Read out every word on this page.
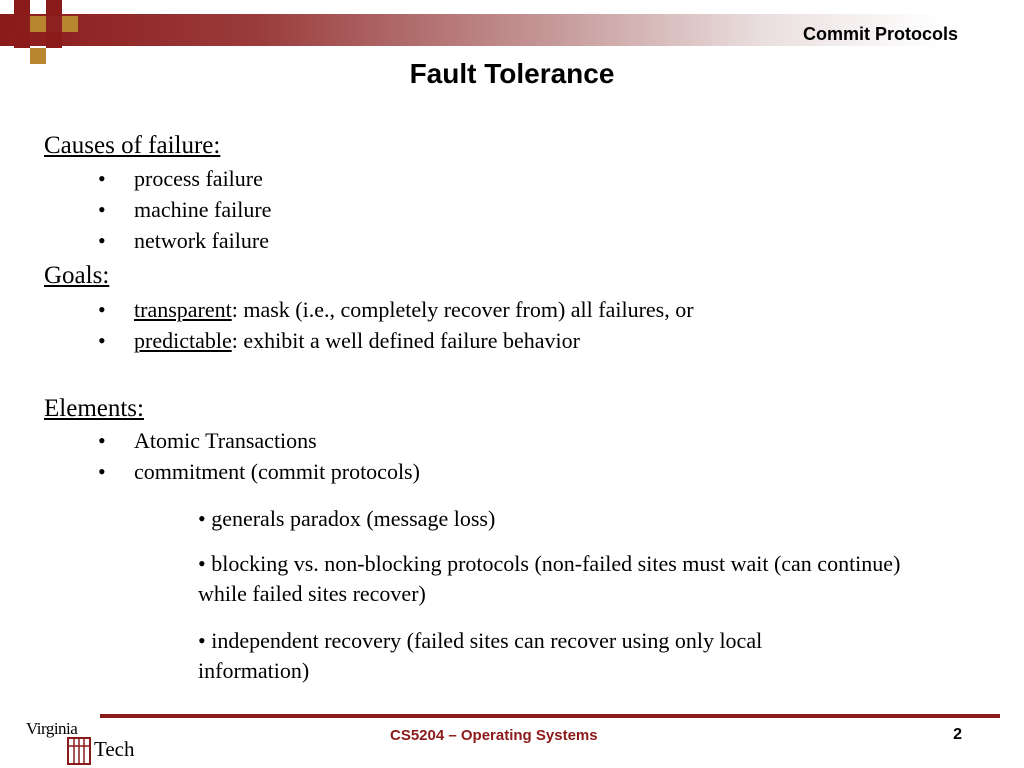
Commit Protocols
Fault Tolerance
Causes of failure:
• process failure
• machine failure
• network failure
Goals:
• transparent: mask (i.e., completely recover from) all failures, or
• predictable: exhibit a well defined failure behavior
Elements:
• Atomic Transactions
• commitment (commit protocols)
• generals paradox (message loss)
• blocking vs. non-blocking protocols (non-failed sites must wait (can continue) while failed sites recover)
• independent recovery (failed sites can recover using only local information)
Virginia
Tech
CS5204 – Operating Systems	2
